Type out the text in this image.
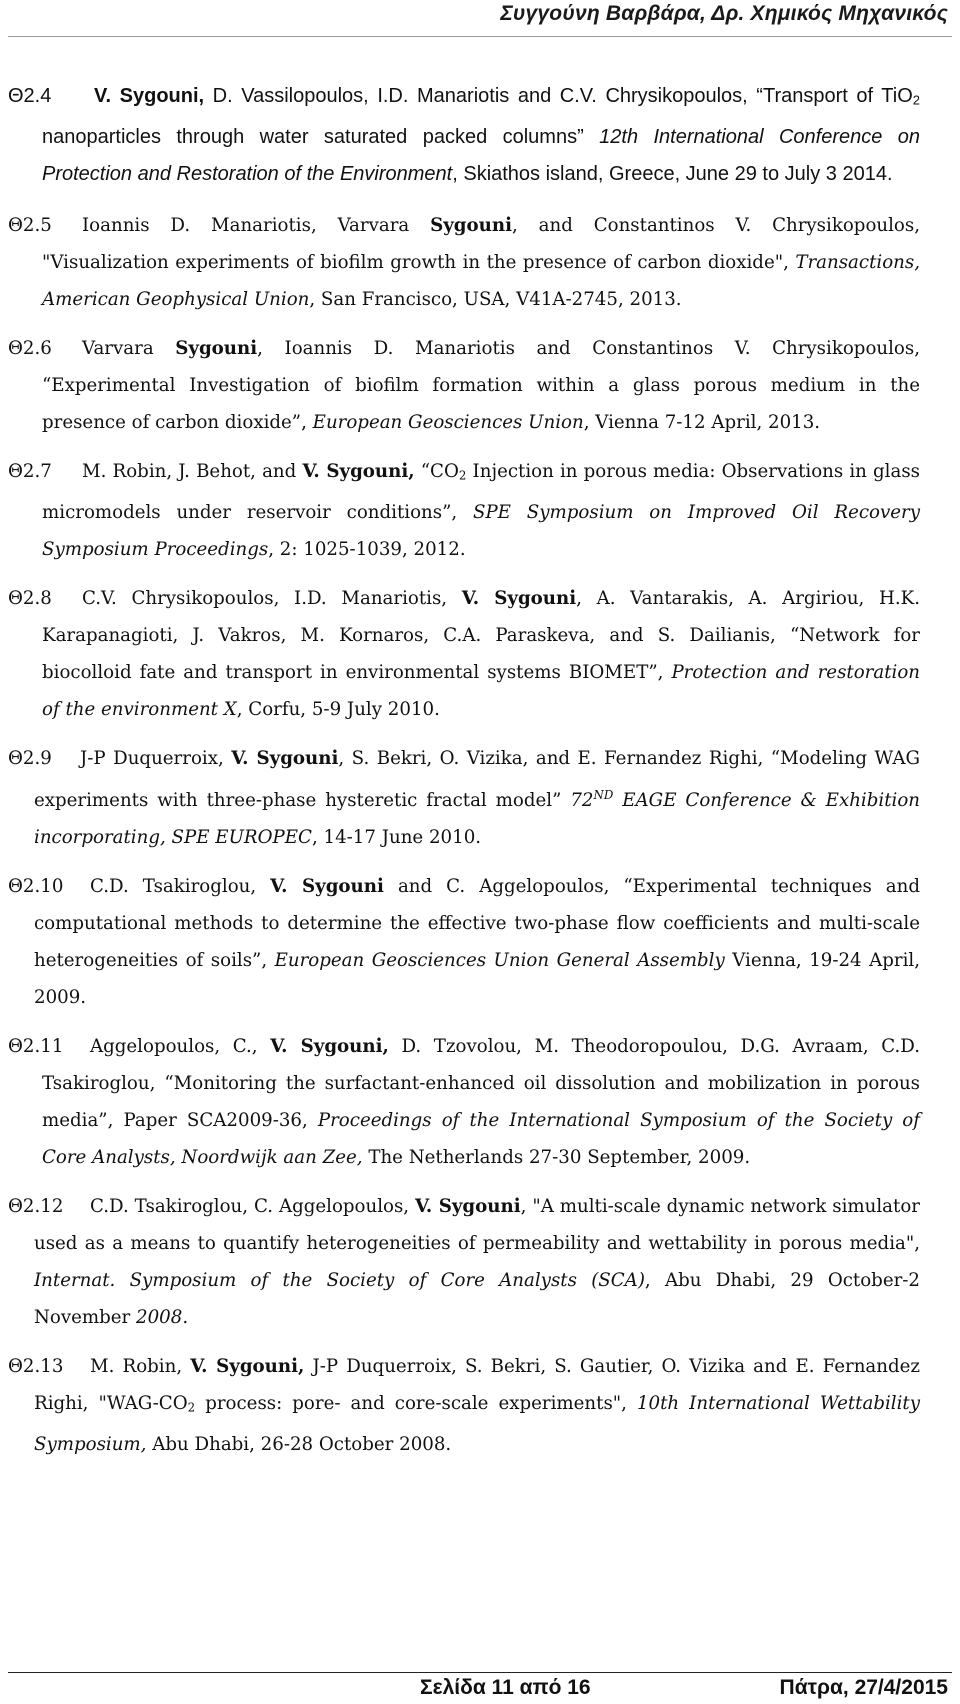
Συγγούνη Βαρβάρα, Δρ. Χημικός Μηχανικός
Θ2.4	V. Sygouni, D. Vassilopoulos, I.D. Manariotis and C.V. Chrysikopoulos, “Transport of TiO$_2$ nanoparticles through water saturated packed columns” 12th International Conference on Protection and Restoration of the Environment, Skiathos island, Greece, June 29 to July 3 2014.
Θ2.5	Ioannis D. Manariotis, Varvara Sygouni, and Constantinos V. Chrysikopoulos, "Visualization experiments of biofilm growth in the presence of carbon dioxide", Transactions, American Geophysical Union, San Francisco, USA, V41A-2745, 2013.
Θ2.6	Varvara Sygouni, Ioannis D. Manariotis and Constantinos V. Chrysikopoulos, “Experimental Investigation of biofilm formation within a glass porous medium in the presence of carbon dioxide”, European Geosciences Union, Vienna 7-12 April, 2013.
Θ2.7	M. Robin, J. Behot, and V. Sygouni, “$CO_2$ Injection in porous media: Observations in glass micromodels under reservoir conditions”, SPE Symposium on Improved Oil Recovery Symposium Proceedings, 2: 1025-1039, 2012.
Θ2.8	C.V. Chrysikopoulos, I.D. Manariotis, V. Sygouni, A. Vantarakis, A. Argiriou, H.K. Karapanagioti, J. Vakros, M. Kornaros, C.A. Paraskeva, and S. Dailianis, “Network for biocolloid fate and transport in environmental systems BIOMET”, Protection and restoration of the environment X, Corfu, 5-9 July 2010.
Θ2.9	J-P Duquerroix, V. Sygouni, S. Bekri, O. Vizika, and E. Fernandez Righi, “Modeling WAG experiments with three-phase hysteretic fractal model” 72ND EAGE Conference & Exhibition incorporating, SPE EUROPEC, 14-17 June 2010.
Θ2.10	C.D. Tsakiroglou, V. Sygouni and C. Aggelopoulos, “Experimental techniques and computational methods to determine the effective two-phase flow coefficients and multi-scale heterogeneities of soils”, European Geosciences Union General Assembly Vienna, 19-24 April, 2009.
Θ2.11	Aggelopoulos, C., V. Sygouni, D. Tzovolou, M. Theodoropoulou, D.G. Avraam, C.D. Tsakiroglou, “Monitoring the surfactant-enhanced oil dissolution and mobilization in porous media”, Paper SCA2009-36, Proceedings of the International Symposium of the Society of Core Analysts, Noordwijk aan Zee, The Netherlands 27-30 September, 2009.
Θ2.12	C.D. Tsakiroglou, C. Aggelopoulos, V. Sygouni, "A multi-scale dynamic network simulator used as a means to quantify heterogeneities of permeability and wettability in porous media", Internat. Symposium of the Society of Core Analysts (SCA), Abu Dhabi, 29 October-2 November 2008.
Θ2.13	M. Robin, V. Sygouni, J-P Duquerroix, S. Bekri, S. Gautier, O. Vizika and E. Fernandez Righi, "$WAG-CO_2$ process: pore- and core-scale experiments", 10th International Wettability Symposium, Abu Dhabi, 26-28 October 2008.
Σελίδα 11 από 16	Πάτρα, 27/4/2015
